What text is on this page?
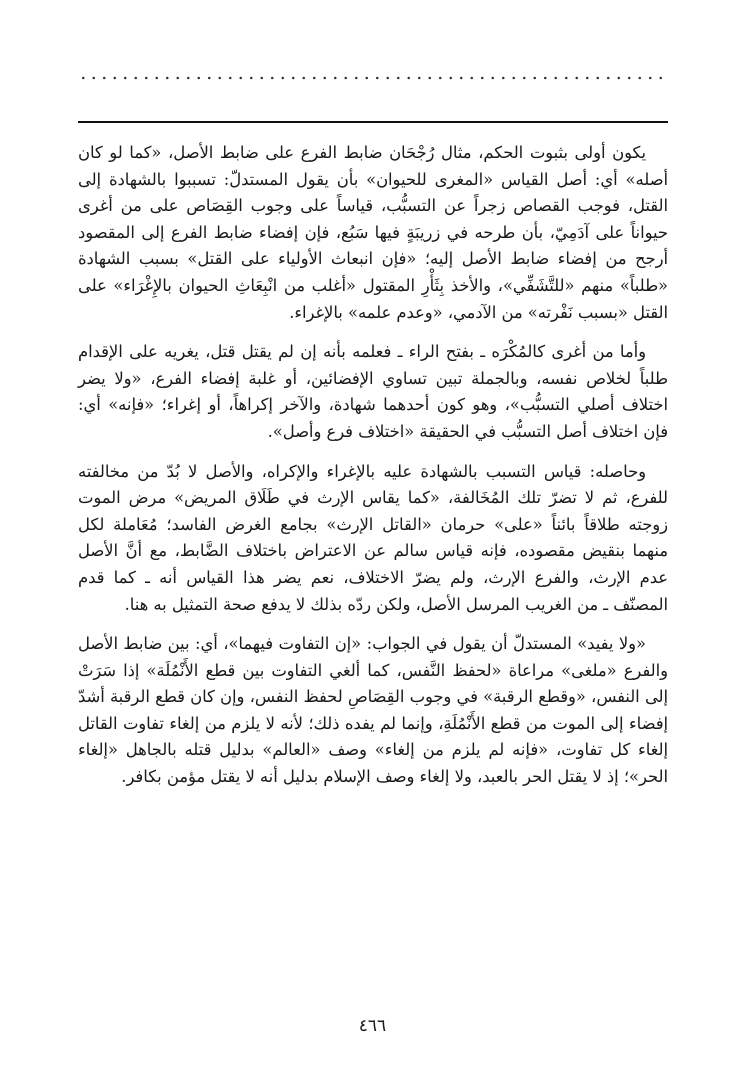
يكون أولى بثبوت الحكم، مثال رُجْحَان ضابط الفرع على ضابط الأصل، «كما لو كان أصله» أي: أصل القياس «المغرى للحيوان» بأن يقول المستدلّ: تسببوا بالشهادة إلى القتل، فوجب القصاص زجراً عن التسبُّب، قياساً على وجوب القِصَاص على من أغرى حيواناً على آدَمِيّ، بأن طرحه في زريبَةٍ فيها سَبُع، فإن إفضاء ضابط الفرع إلى المقصود أرجح من إفضاء ضابط الأصل إليه؛ «فإن انبعاث الأولياء على القتل» بسبب الشهادة «طلباً» منهم «للتَّشَفِّي»، والأخذ بِثَأْرِ المقتول «أغلب من انْبِعَاثِ الحيوان بالإِغْرَاء» على القتل «بسبب نَفْرته» من الآدمي، «وعدم علمه» بالإغراء.

وأما من أغرى كالمُكْرَه ـ بفتح الراء ـ فعلمه بأنه إن لم يقتل قتل، يغريه على الإقدام طلباً لخلاص نفسه، وبالجملة تبين تساوي الإفضائين، أو غلبة إفضاء الفرع، «ولا يضر اختلاف أصلي التسبُّب»، وهو كون أحدهما شهادة، والآخر إكراهاً، أو إغراء؛ «فإنه» أي: فإن اختلاف أصل التسبُّب في الحقيقة «اختلاف فرع وأصل».

وحاصله: قياس التسبب بالشهادة عليه بالإغراء والإكراه، والأصل لا بُدّ من مخالفته للفرع، ثم لا تضرّ تلك المُخَالفة، «كما يقاس الإرث في طَلَاق المريض» مرض الموت زوجته طلاقاً بائناً «على» حرمان «القاتل الإرث» بجامع الغرض الفاسد؛ مُعَاملة لكل منهما بنقيض مقصوده، فإنه قياس سالم عن الاعتراض باختلاف الضَّابط، مع أنَّ الأصل عدم الإرث، والفرع الإرث، ولم يضرّ الاختلاف، نعم يضر هذا القياس أنه ـ كما قدم المصنّف ـ من الغريب المرسل الأصل، ولكن ردّه بذلك لا يدفع صحة التمثيل به هنا.

«ولا يفيد» المستدلّ أن يقول في الجواب: «إن التفاوت فيهما»، أي: بين ضابط الأصل والفرع «ملغى» مراعاة «لحفظ النَّفس، كما ألغي التفاوت بين قطع الأَنْمُلَة» إذا سَرَتْ إلى النفس، «وقطع الرقبة» في وجوب القِصَاصِ لحفظ النفس، وإن كان قطع الرقبة أشدّ إفضاء إلى الموت من قطع الأَنْمُلَةِ، وإنما لم يفده ذلك؛ لأنه لا يلزم من إلغاء تفاوت القاتل إلغاء كل تفاوت، «فإنه لم يلزم من إلغاء» وصف «العالم» بدليل قتله بالجاهل «إلغاء الحر»؛ إذ لا يقتل الحر بالعبد، ولا إلغاء وصف الإسلام بدليل أنه لا يقتل مؤمن بكافر.

٤٦٦
